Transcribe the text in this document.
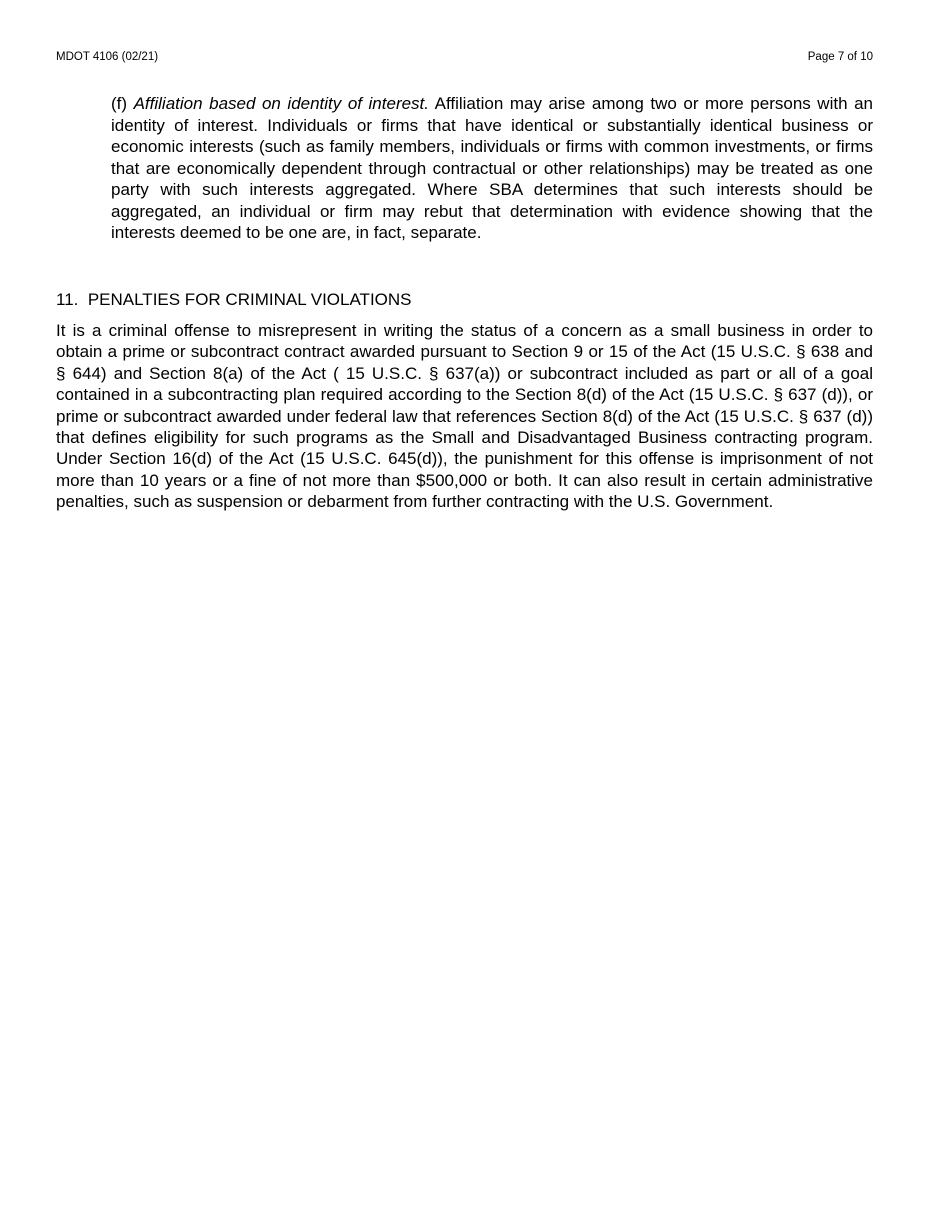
MDOT 4106 (02/21)	Page 7 of 10

(f) Affiliation based on identity of interest. Affiliation may arise among two or more persons with an identity of interest. Individuals or firms that have identical or substantially identical business or economic interests (such as family members, individuals or firms with common investments, or firms that are economically dependent through contractual or other relationships) may be treated as one party with such interests aggregated. Where SBA determines that such interests should be aggregated, an individual or firm may rebut that determination with evidence showing that the interests deemed to be one are, in fact, separate.

11.  PENALTIES FOR CRIMINAL VIOLATIONS

It is a criminal offense to misrepresent in writing the status of a concern as a small business in order to obtain a prime or subcontract contract awarded pursuant to Section 9 or 15 of the Act (15 U.S.C. § 638 and § 644) and Section 8(a) of the Act ( 15 U.S.C. § 637(a)) or subcontract included as part or all of a goal contained in a subcontracting plan required according to the Section 8(d) of the Act (15 U.S.C. § 637 (d)), or prime or subcontract awarded under federal law that references Section 8(d) of the Act (15 U.S.C. § 637 (d)) that defines eligibility for such programs as the Small and Disadvantaged Business contracting program. Under Section 16(d) of the Act (15 U.S.C. 645(d)), the punishment for this offense is imprisonment of not more than 10 years or a fine of not more than $500,000 or both. It can also result in certain administrative penalties, such as suspension or debarment from further contracting with the U.S. Government.
